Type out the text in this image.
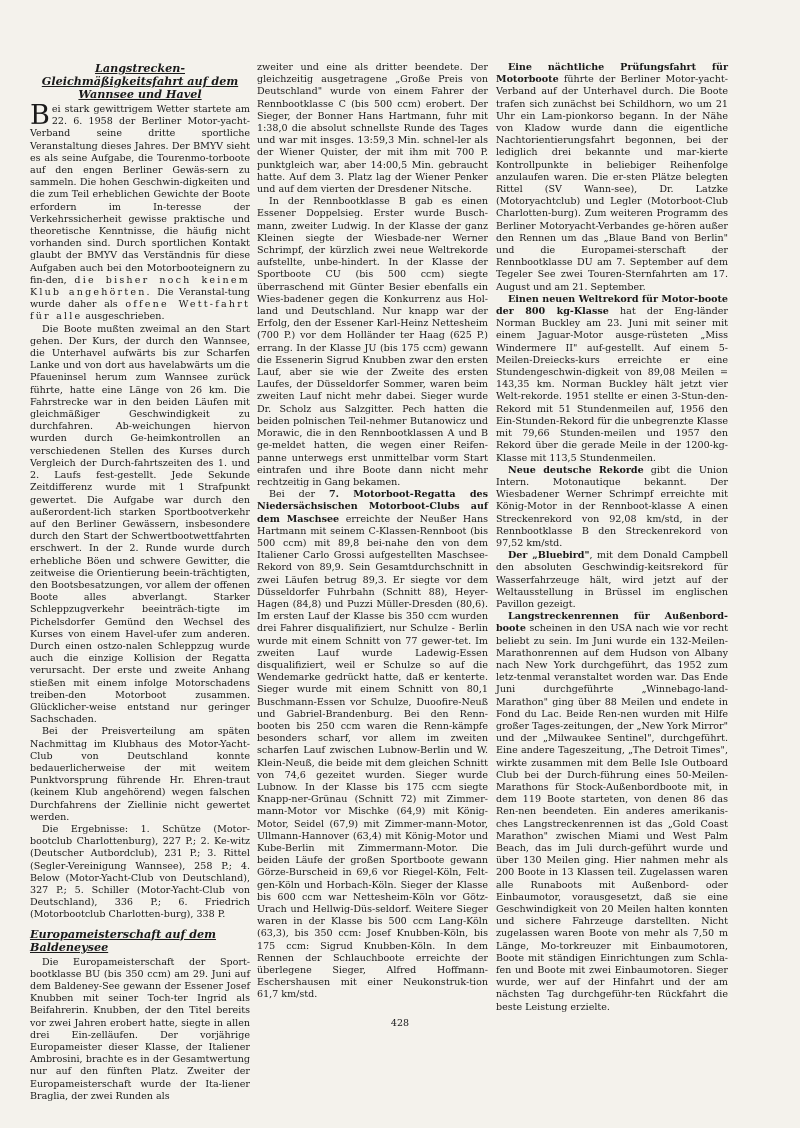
Langstrecken-Gleichmäßigkeitsfahrt auf dem Wannsee und Havel

Bei stark gewittrigem Wetter startete am 22. 6. 1958 der Berliner Motor-yacht-Verband seine dritte sportliche Veranstaltung dieses Jahres. Der BMYV sieht es als seine Aufgabe, die Tourenmo-torboote auf den engen Berliner Gewäs-sern zu sammeln. Die hohen Geschwin-digkeiten und die zum Teil erheblichen Gewichte der Boote erfordern im In-teresse der Verkehrssicherheit gewisse praktische und theoretische Kenntnisse, die häufig nicht vorhanden sind. Durch sportlichen Kontakt glaubt der BMYV das Verständnis für diese Aufgaben auch bei den Motorbooteignern zu fin-den, die bisher noch keinem Klub angehörten. Die Veranstal-tung wurde daher als offene Wett-fahrt für alle ausgeschrieben.

Die Boote mußten zweimal an den Start gehen. Der Kurs, der durch den Wannsee, die Unterhavel aufwärts bis zur Scharfen Lanke und von dort aus havelabwärts um die Pfaueninsel herum zum Wannsee zurück führte, hatte eine Länge von 26 km. Die Fahrstrecke war in den beiden Läufen mit gleichmäßiger Geschwindigkeit zu durchfahren. Ab-weichungen hiervon wurden durch Ge-heimkontrollen an verschiedenen Stellen des Kurses durch Vergleich der Durch-fahrtszeiten des 1. und 2. Laufs fest-gestellt. Jede Sekunde Zeitdifferenz wurde mit 1 Strafpunkt gewertet. Die Aufgabe war durch den außerordent-lich starken Sportbootverkehr auf den Berliner Gewässern, insbesondere durch den Start der Schwertbootwettfahrten erschwert. In der 2. Runde wurde durch erhebliche Böen und schwere Gewitter, die zeitweise die Orientierung beein-trächtigten, den Bootsbesatzungen, vor allem der offenen Boote alles abverlangt. Starker Schleppzugverkehr beeinträch-tigte im Pichelsdorfer Gemünd den Wechsel des Kurses von einem Havel-ufer zum anderen. Durch einen ostzo-nalen Schleppzug wurde auch die einzige Kollision der Regatta verursacht. Der erste und zweite Anhang stießen mit einem infolge Motorschadens treiben-den Motorboot zusammen. Glücklicher-weise entstand nur geringer Sachschaden.

Bei der Preisverteilung am späten Nachmittag im Klubhaus des Motor-Yacht-Club von Deutschland konnte bedauerlicherweise der mit weitem Punktvorsprung führende Hr. Ehren-traut (keinem Klub angehörend) wegen falschen Durchfahrens der Ziellinie nicht gewertet werden.

Die Ergebnisse: 1. Schütze (Motor-bootclub Charlottenburg), 227 P.; 2. Ke-witz (Deutscher Autbordclub), 231 P.; 3. Rittel (Segler-Vereinigung Wannsee), 258 P.; 4. Below (Motor-Yacht-Club von Deutschland), 327 P.; 5. Schiller (Motor-Yacht-Club von Deutschland), 336 P.; 6. Friedrich (Motorbootclub Charlotten-burg), 338 P.

Europameisterschaft auf dem Baldeneysee

Die Europameisterschaft der Sport-bootklasse BU (bis 350 ccm) am 29. Juni auf dem Baldeney-See gewann der Essener Josef Knubben mit seiner Toch-ter Ingrid als Beifahrerin. Knubben, der den Titel bereits vor zwei Jahren erobert hatte, siegte in allen drei Ein-zelläufen. Der vorjährige Europameister dieser Klasse, der Italiener Ambrosini, brachte es in der Gesamtwertung nur auf den fünften Platz. Zweiter der Europameisterschaft wurde der Ita-liener Braglia, der zwei Runden als

zweiter und eine als dritter beendete. Der gleichzeitig ausgetragene „Große Preis von Deutschland" wurde von einem Fahrer der Rennbootklasse C (bis 500 ccm) erobert. Der Sieger, der Bonner Hans Hartmann, fuhr mit 1:38,0 die absolut schnellste Runde des Tages und war mit insges. 13:59,3 Min. schnel-ler als der Wiener Quister, der mit ihm mit 700 P. punktgleich war, aber 14:00,5 Min. gebraucht hatte. Auf dem 3. Platz lag der Wiener Penker und auf dem vierten der Dresdener Nitsche.

In der Rennbootklasse B gab es einen Essener Doppelsieg. Erster wurde Busch-mann, zweiter Ludwig. In der Klasse der ganz Kleinen siegte der Wiesbade-ner Werner Schrimpf, der kürzlich zwei neue Weltrekorde aufstellte, unbe-hindert. In der Klasse der Sportboote CU (bis 500 ccm) siegte überraschend mit Günter Besier ebenfalls ein Wies-badener gegen die Konkurrenz aus Hol-land und Deutschland. Nur knapp war der Erfolg, den der Essener Karl-Heinz Nettesheim (700 P.) vor dem Holländer ter Haag (625 P.) errang. In der Klasse JU (bis 175 ccm) gewann die Essenerin Sigrud Knubben zwar den ersten Lauf, aber sie wie der Zweite des ersten Laufes, der Düsseldorfer Sommer, waren beim zweiten Lauf nicht mehr dabei. Sieger wurde Dr. Scholz aus Salzgitter. Pech hatten die beiden polnischen Teil-nehmer Butanowicz und Morawic, die in den Rennbootklassen A und B ge-meldet hatten, die wegen einer Reifen-panne unterwegs erst unmittelbar vorm Start eintrafen und ihre Boote dann nicht mehr rechtzeitig in Gang bekamen.

Bei der 7. Motorboot-Regatta des Niedersächsischen Motorboot-Clubs auf dem Maschsee erreichte der Neußer Hans Hartmann mit seinem C-Klassen-Rennboot (bis 500 ccm) mit 89,8 bei-nahe den von dem Italiener Carlo Grossi aufgestellten Maschsee-Rekord von 89,9. Sein Gesamtdurchschnitt in zwei Läufen betrug 89,3. Er siegte vor dem Düsseldorfer Fuhrbahn (Schnitt 88), Heyer-Hagen (84,8) und Puzzi Müller-Dresden (80,6). Im ersten Lauf der Klasse bis 350 ccm wurden drei Fahrer disqualifiziert, nur Schulze - Berlin wurde mit einem Schnitt von 77 gewer-tet. Im zweiten Lauf wurde Ladewig-Essen disqualifiziert, weil er Schulze so auf die Wendemarke gedrückt hatte, daß er kenterte. Sieger wurde mit einem Schnitt von 80,1 Buschmann-Essen vor Schulze, Duoofire-Neuß und Gabriel-Brandenburg. Bei den Renn-booten bis 250 ccm waren die Renn-kämpfe besonders scharf, vor allem im zweiten scharfen Lauf zwischen Lubnow-Berlin und W. Klein-Neuß, die beide mit dem gleichen Schnitt von 74,6 gezeitet wurden. Sieger wurde Lubnow. In der Klasse bis 175 ccm siegte Knapp-ner-Grünau (Schnitt 72) mit Zimmer-mann-Motor vor Mischke (64,9) mit König-Motor, Seidel (67,9) mit Zimmer-mann-Motor, Ullmann-Hannover (63,4) mit König-Motor und Kube-Berlin mit Zimmermann-Motor. Die beiden Läufe der großen Sportboote gewann Görze-Burscheid in 69,6 vor Riegel-Köln, Felt-gen-Köln und Horbach-Köln. Sieger der Klasse bis 600 ccm war Nettesheim-Köln vor Götz-Urach und Hellwig-Düs-seldorf. Weitere Sieger waren in der Klasse bis 500 ccm Lang-Köln (63,3), bis 350 ccm: Josef Knubben-Köln, bis 175 ccm: Sigrud Knubben-Köln. In dem Rennen der Schlauchboote erreichte der überlegene Sieger, Alfred Hoffmann-Eschershausen mit einer Neukonstruk-tion 61,7 km/std.

Eine nächtliche Prüfungsfahrt für Motorboote führte der Berliner Motor-yacht-Verband auf der Unterhavel durch. Die Boote trafen sich zunächst bei Schildhorn, wo um 21 Uhr ein Lam-pionkorso begann. In der Nähe von Kladow wurde dann die eigentliche Nachtorientierungsfahrt begonnen, bei der lediglich drei bekannte und mar-kierte Kontrollpunkte in beliebiger Reihenfolge anzulaufen waren. Die er-sten Plätze belegten Rittel (SV Wann-see), Dr. Latzke (Motoryachtclub) und Legler (Motorboot-Club Charlotten-burg). Zum weiteren Programm des Berliner Motoryacht-Verbandes ge-hören außer den Rennen um das „Blaue Band von Berlin" und die Europamei-sterschaft der Rennbootklasse DU am 7. September auf dem Tegeler See zwei Touren-Sternfahrten am 17. August und am 21. September.

Einen neuen Weltrekord für Motor-boote der 800 kg-Klasse hat der Eng-länder Norman Buckley am 23. Juni mit seiner mit einem Jaguar-Motor ausge-rüsteten „Miss Windermere II" auf-gestellt. Auf einem 5-Meilen-Dreiecks-kurs erreichte er eine Stundengeschwin-digkeit von 89,08 Meilen = 143,35 km. Norman Buckley hält jetzt vier Welt-rekorde. 1951 stellte er einen 3-Stun-den-Rekord mit 51 Stundenmeilen auf, 1956 den Ein-Stunden-Rekord für die unbegrenzte Klasse mit 79,66 Stunden-meilen und 1957 den Rekord über die gerade Meile in der 1200-kg-Klasse mit 113,5 Stundenmeilen.

Neue deutsche Rekorde gibt die Union Intern. Motonautique bekannt. Der Wiesbadener Werner Schrimpf erreichte mit König-Motor in der Rennboot-klasse A einen Streckenrekord von 92,08 km/std, in der Rennbootklasse B den Streckenrekord von 97,52 km/std.

Der „Bluebird", mit dem Donald Campbell den absoluten Geschwindig-keitsrekord für Wasserfahrzeuge hält, wird jetzt auf der Weltausstellung in Brüssel im englischen Pavillon gezeigt.

Langstreckenrennen für Außenbord-boote scheinen in den USA nach wie vor recht beliebt zu sein. Im Juni wurde ein 132-Meilen-Marathonrennen auf dem Hudson von Albany nach New York durchgeführt, das 1952 zum letz-tenmal veranstaltet worden war. Das Ende Juni durchgeführte „Winnebago-land-Marathon" ging über 88 Meilen und endete in Fond du Lac. Beide Ren-nen wurden mit Hilfe großer Tages-zeitungen, der „New York Mirror" und der „Milwaukee Sentinel", durchgeführt. Eine andere Tageszeitung, „The Detroit Times", wirkte zusammen mit dem Belle Isle Outboard Club bei der Durch-führung eines 50-Meilen-Marathons für Stock-Außenbordboote mit, in dem 119 Boote starteten, von denen 86 das Ren-nen beendeten. Ein anderes amerikanis-ches Langstreckenrennen ist das „Gold Coast Marathon" zwischen Miami und West Palm Beach, das im Juli durch-geführt wurde und über 130 Meilen ging. Hier nahmen mehr als 200 Boote in 13 Klassen teil. Zugelassen waren alle Runaboots mit Außenbord- oder Einbaumotor, vorausgesetzt, daß sie eine Geschwindigkeit von 20 Meilen halten konnten und sichere Fahrzeuge darstellten. Nicht zugelassen waren Boote von mehr als 7,50 m Länge, Mo-torkreuzer mit Einbaumotoren, Boote mit ständigen Einrichtungen zum Schla-fen und Boote mit zwei Einbaumotoren. Sieger wurde, wer auf der Hinfahrt und der am nächsten Tag durchgeführ-ten Rückfahrt die beste Leistung erzielte.

428
